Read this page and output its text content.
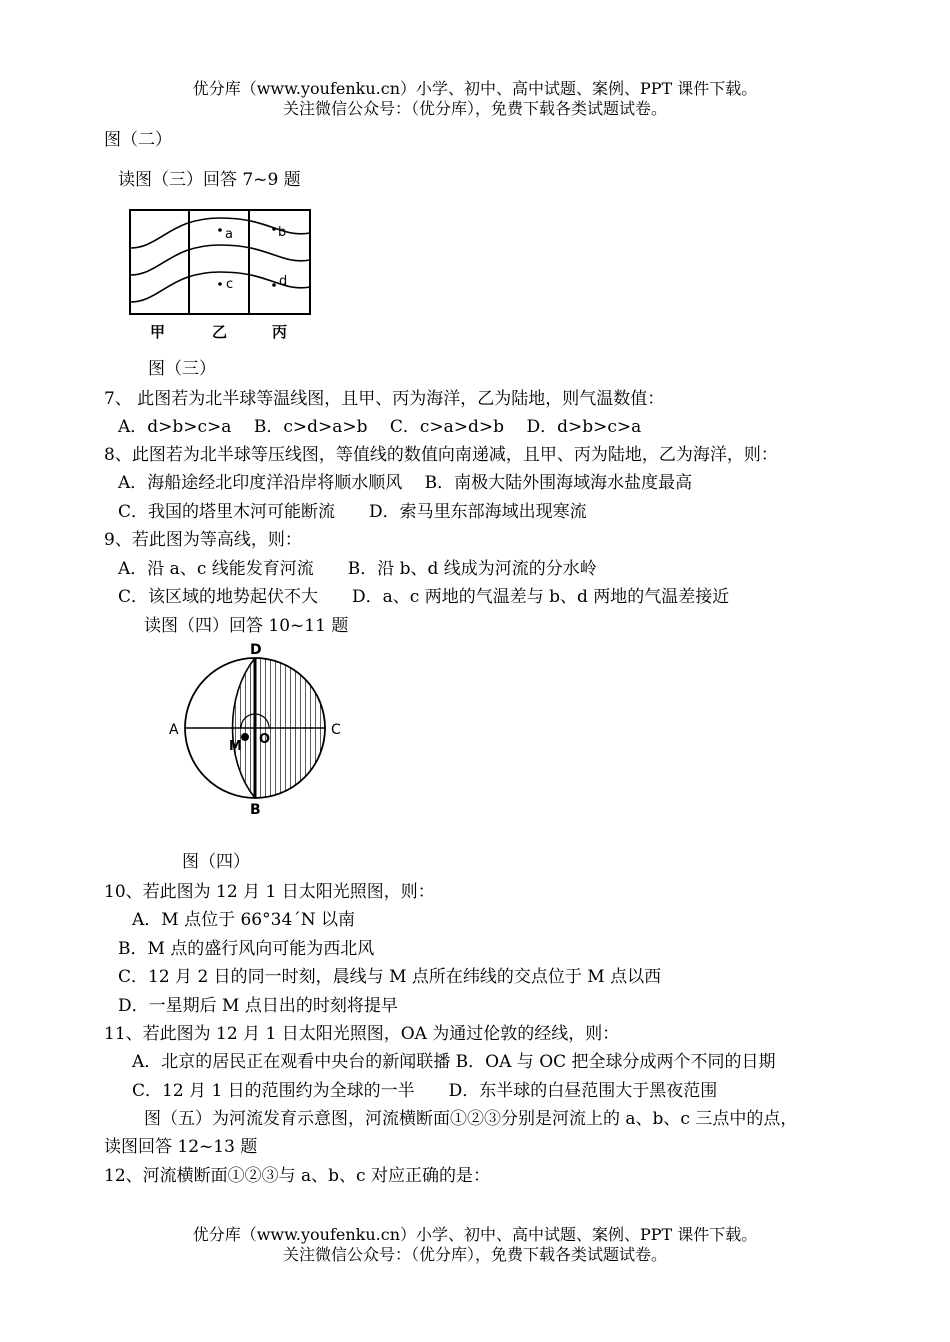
优分库（www.youfenku.cn）小学、初中、高中试题、案例、PPT 课件下载。
关注微信公众号：（优分库），免费下载各类试题试卷。
图（二）
读图（三）回答 7~9 题
a	b
c	d
甲	乙	丙
图（三）
7、 此图若为北半球等温线图，且甲、丙为海洋，乙为陆地，则气温数值：
A．d>b>c>a　 B．c>d>a>b　 C．c>a>d>b　 D．d>b>c>a
8、此图若为北半球等压线图，等值线的数值向南递减，且甲、丙为陆地，乙为海洋，则：
A．海船途经北印度洋沿岸将顺水顺风　 B．南极大陆外围海域海水盐度最高
C．我国的塔里木河可能断流　　D．索马里东部海域出现寒流
9、若此图为等高线，则：
A．沿 a、c 线能发育河流　　B．沿 b、d 线成为河流的分水岭
C．该区域的地势起伏不大　　D．a、c 两地的气温差与 b、d 两地的气温差接近
读图（四）回答 10~11 题
A	C
D
B
M O
图（四）
10、若此图为 12 月 1 日太阳光照图，则：
A．M 点位于 66°34´N 以南
B．M 点的盛行风向可能为西北风
C．12 月 2 日的同一时刻，晨线与 M 点所在纬线的交点位于 M 点以西
D．一星期后 M 点日出的时刻将提早
11、若此图为 12 月 1 日太阳光照图，OA 为通过伦敦的经线，则：
A．北京的居民正在观看中央台的新闻联播 B．OA 与 OC 把全球分成两个不同的日期
C．12 月 1 日的范围约为全球的一半　　D．东半球的白昼范围大于黑夜范围
图（五）为河流发育示意图，河流横断面①②③分别是河流上的 a、b、c 三点中的点，
读图回答 12~13 题
12、河流横断面①②③与 a、b、c 对应正确的是：
优分库（www.youfenku.cn）小学、初中、高中试题、案例、PPT 课件下载。
关注微信公众号：（优分库），免费下载各类试题试卷。
